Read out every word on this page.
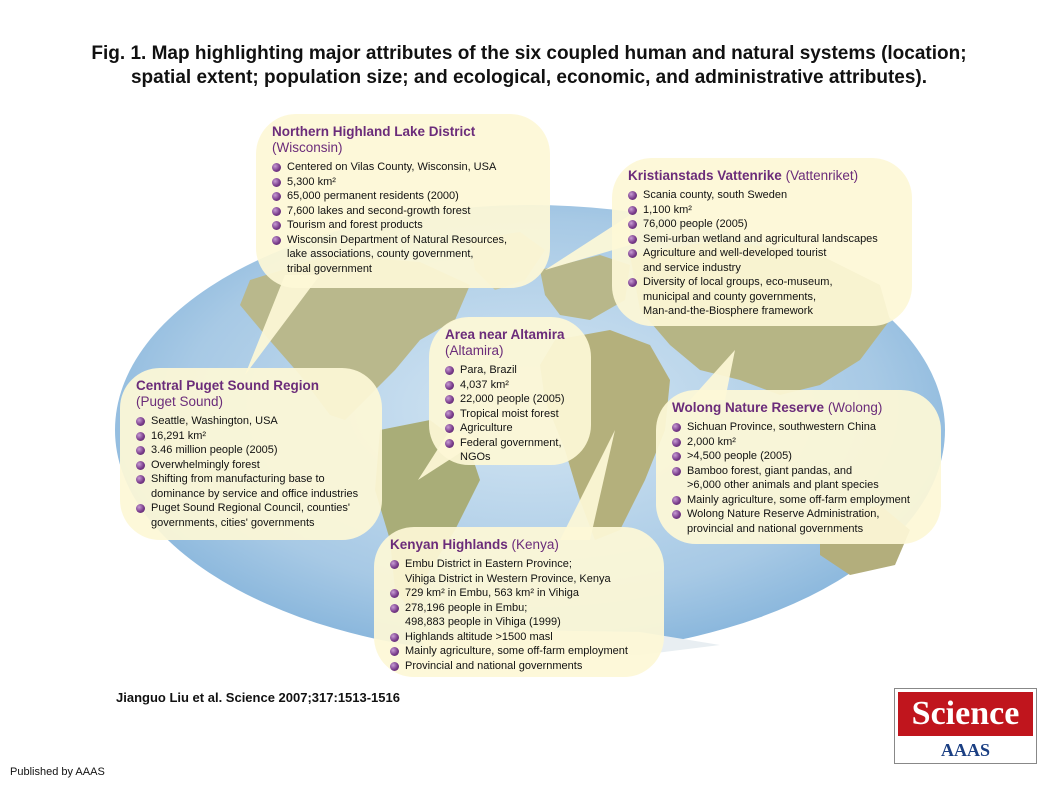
Fig. 1. Map highlighting major attributes of the six coupled human and natural systems (location; spatial extent; population size; and ecological, economic, and administrative attributes).
Northern Highland Lake District
(Wisconsin)
Centered on Vilas County, Wisconsin, USA
5,300 km²
65,000 permanent residents (2000)
7,600 lakes and second-growth forest
Tourism and forest products
Wisconsin Department of Natural Resources,
lake associations, county government,
tribal government
Kristianstads Vattenrike (Vattenriket)
Scania county, south Sweden
1,100 km²
76,000 people (2005)
Semi-urban wetland and agricultural landscapes
Agriculture and well-developed tourist
and service industry
Diversity of local groups, eco-museum,
municipal and county governments,
Man-and-the-Biosphere framework
Area near Altamira
(Altamira)
Para, Brazil
4,037 km²
22,000 people (2005)
Tropical moist forest
Agriculture
Federal government,
NGOs
Central Puget Sound Region
(Puget Sound)
Seattle, Washington, USA
16,291 km²
3.46 million people (2005)
Overwhelmingly forest
Shifting from manufacturing base to
dominance by service and office industries
Puget Sound Regional Council, counties'
governments, cities' governments
Wolong Nature Reserve (Wolong)
Sichuan Province, southwestern China
2,000 km²
>4,500 people (2005)
Bamboo forest, giant pandas, and
>6,000 other animals and plant species
Mainly agriculture, some off-farm employment
Wolong Nature Reserve Administration,
provincial and national governments
Kenyan Highlands (Kenya)
Embu District in Eastern Province;
Vihiga District in Western Province, Kenya
729 km² in Embu, 563 km² in Vihiga
278,196 people in Embu;
498,883 people in Vihiga (1999)
Highlands altitude >1500 masl
Mainly agriculture, some off-farm employment
Provincial and national governments
Jianguo Liu et al. Science 2007;317:1513-1516
Published by AAAS
Science
AAAS
